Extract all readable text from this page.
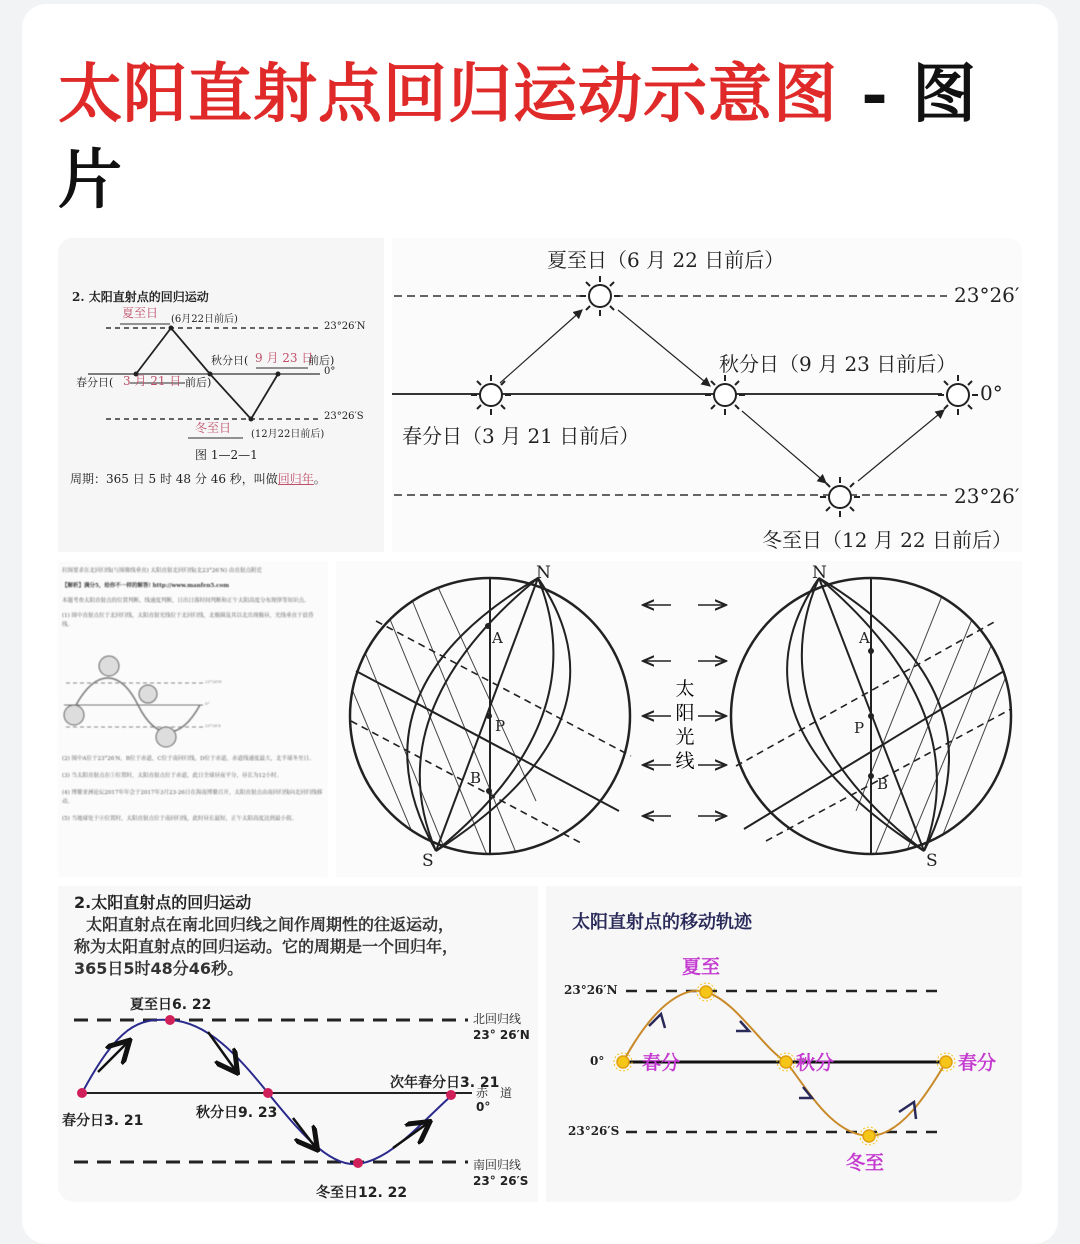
太阳直射点回归运动示意图 - 图片
2. 太阳直射点的回归运动
夏至日 (6月22日前后)
23°26′N
秋分日( 9 月 23 日
前后)
0°
春分日( 3 月 21 日 前后)
23°26′S
冬至日 (12月22日前后)
图 1—2—1
周期：365 日 5 时 48 分 46 秒，叫做回归年。
夏至日（6 月 22 日前后）
23°26′
秋分日（9 月 23 日前后）
0°
春分日（3 月 21 日前后）
23°26′
冬至日（12 月 22 日前后）
拉图要求在北回归线(与图像线垂直) 太阳直射北回归线(北23°26′N) 由直射点附近
【解析】满分5，给你不一样的解答! http://www.manfen5.com
本题考查太阳直射点的位置判断、线速度判断，日出日落时间判断和正午太阳高度分布规律等知识点。
(1) 图中直射点位于北回归线，太阳直射光线位于北回归线，北极圈及其以北出现极昼，光线垂直于晨昏线。
23°26′N
0°
23°26′S
(2) 图中A位于23°26′N，B位于赤道，C位于南回归线，D位于赤道，赤道线速度最大，北半球冬至日。
(3) 当太阳直射点在①位置时，太阳直射点位于赤道，此日全球昼夜平分，昼长为12小时。
(4) 博鳌亚洲论坛2017年年会于2017年3月23-26日在海南博鳌召开，太阳直射点由南回归线向北回归线移动。
(5) 当地球处于④位置时，太阳直射点位于南回归线，此时昼长最短，正午太阳高度达到最小值。
N
S
A
P
B
N
S
A
P
B
太
阳
光
线
2.太阳直射点的回归运动
太阳直射点在南北回归线之间作周期性的往返运动，
称为太阳直射点的回归运动。它的周期是一个回归年，
365日5时48分46秒。
夏至日6. 22
春分日3. 21	秋分日9. 23
冬至日12. 22
次年春分日3. 21
北回归线
23° 26′N
赤　道
0°
南回归线
23° 26′S
太阳直射点的移动轨迹
夏至
春分	秋分	春分
冬至
23°26′N
0°
23°26′S
